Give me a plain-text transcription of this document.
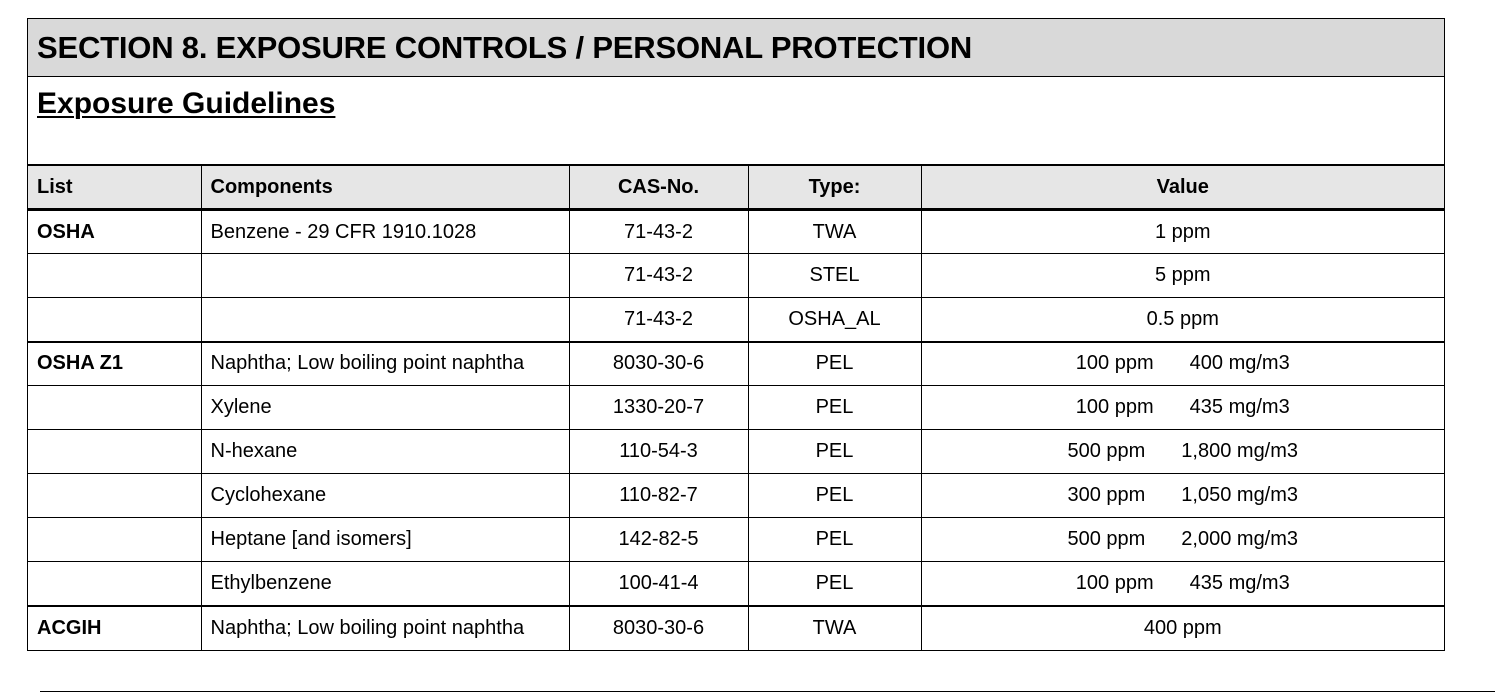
SECTION 8. EXPOSURE CONTROLS / PERSONAL PROTECTION
Exposure Guidelines
List	Components	CAS-No.	Type:	Value
OSHA	Benzene - 29 CFR 1910.1028	71-43-2	TWA	1 ppm

		71-43-2	STEL	5 ppm

		71-43-2	OSHA_AL	0.5 ppm

OSHA Z1	Naphtha; Low boiling point naphtha	8030-30-6	PEL	100 ppm 400 mg/m3

	Xylene	1330-20-7	PEL	100 ppm 435 mg/m3

	N-hexane	110-54-3	PEL	500 ppm 1,800 mg/m3

	Cyclohexane	110-82-7	PEL	300 ppm 1,050 mg/m3

	Heptane [and isomers]	142-82-5	PEL	500 ppm 2,000 mg/m3

	Ethylbenzene	100-41-4	PEL	100 ppm 435 mg/m3

ACGIH	Naphtha; Low boiling point naphtha	8030-30-6	TWA	400 ppm
